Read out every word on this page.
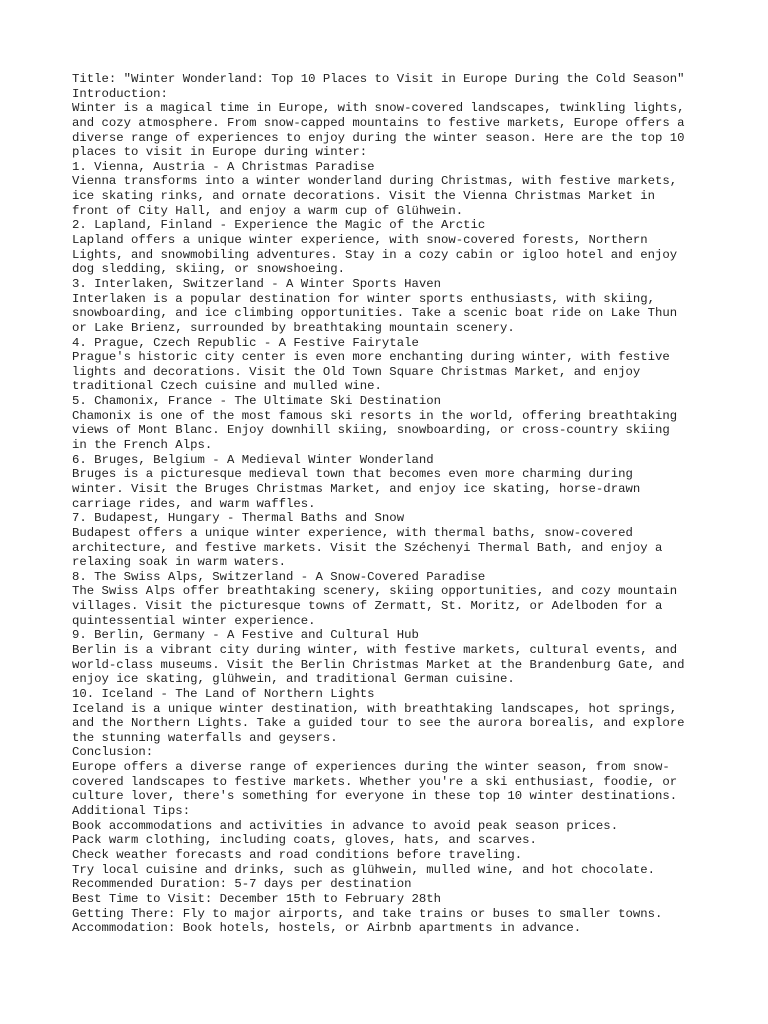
Title: "Winter Wonderland: Top 10 Places to Visit in Europe During the Cold Season"
Introduction:
Winter is a magical time in Europe, with snow-covered landscapes, twinkling lights,
and cozy atmosphere. From snow-capped mountains to festive markets, Europe offers a
diverse range of experiences to enjoy during the winter season. Here are the top 10
places to visit in Europe during winter:
1. Vienna, Austria - A Christmas Paradise
Vienna transforms into a winter wonderland during Christmas, with festive markets,
ice skating rinks, and ornate decorations. Visit the Vienna Christmas Market in
front of City Hall, and enjoy a warm cup of Glühwein.
2. Lapland, Finland - Experience the Magic of the Arctic
Lapland offers a unique winter experience, with snow-covered forests, Northern
Lights, and snowmobiling adventures. Stay in a cozy cabin or igloo hotel and enjoy
dog sledding, skiing, or snowshoeing.
3. Interlaken, Switzerland - A Winter Sports Haven
Interlaken is a popular destination for winter sports enthusiasts, with skiing,
snowboarding, and ice climbing opportunities. Take a scenic boat ride on Lake Thun
or Lake Brienz, surrounded by breathtaking mountain scenery.
4. Prague, Czech Republic - A Festive Fairytale
Prague's historic city center is even more enchanting during winter, with festive
lights and decorations. Visit the Old Town Square Christmas Market, and enjoy
traditional Czech cuisine and mulled wine.
5. Chamonix, France - The Ultimate Ski Destination
Chamonix is one of the most famous ski resorts in the world, offering breathtaking
views of Mont Blanc. Enjoy downhill skiing, snowboarding, or cross-country skiing
in the French Alps.
6. Bruges, Belgium - A Medieval Winter Wonderland
Bruges is a picturesque medieval town that becomes even more charming during
winter. Visit the Bruges Christmas Market, and enjoy ice skating, horse-drawn
carriage rides, and warm waffles.
7. Budapest, Hungary - Thermal Baths and Snow
Budapest offers a unique winter experience, with thermal baths, snow-covered
architecture, and festive markets. Visit the Széchenyi Thermal Bath, and enjoy a
relaxing soak in warm waters.
8. The Swiss Alps, Switzerland - A Snow-Covered Paradise
The Swiss Alps offer breathtaking scenery, skiing opportunities, and cozy mountain
villages. Visit the picturesque towns of Zermatt, St. Moritz, or Adelboden for a
quintessential winter experience.
9. Berlin, Germany - A Festive and Cultural Hub
Berlin is a vibrant city during winter, with festive markets, cultural events, and
world-class museums. Visit the Berlin Christmas Market at the Brandenburg Gate, and
enjoy ice skating, glühwein, and traditional German cuisine.
10. Iceland - The Land of Northern Lights
Iceland is a unique winter destination, with breathtaking landscapes, hot springs,
and the Northern Lights. Take a guided tour to see the aurora borealis, and explore
the stunning waterfalls and geysers.
Conclusion:
Europe offers a diverse range of experiences during the winter season, from snow-
covered landscapes to festive markets. Whether you're a ski enthusiast, foodie, or
culture lover, there's something for everyone in these top 10 winter destinations.
Additional Tips:
Book accommodations and activities in advance to avoid peak season prices.
Pack warm clothing, including coats, gloves, hats, and scarves.
Check weather forecasts and road conditions before traveling.
Try local cuisine and drinks, such as glühwein, mulled wine, and hot chocolate.
Recommended Duration: 5-7 days per destination
Best Time to Visit: December 15th to February 28th
Getting There: Fly to major airports, and take trains or buses to smaller towns.
Accommodation: Book hotels, hostels, or Airbnb apartments in advance.
